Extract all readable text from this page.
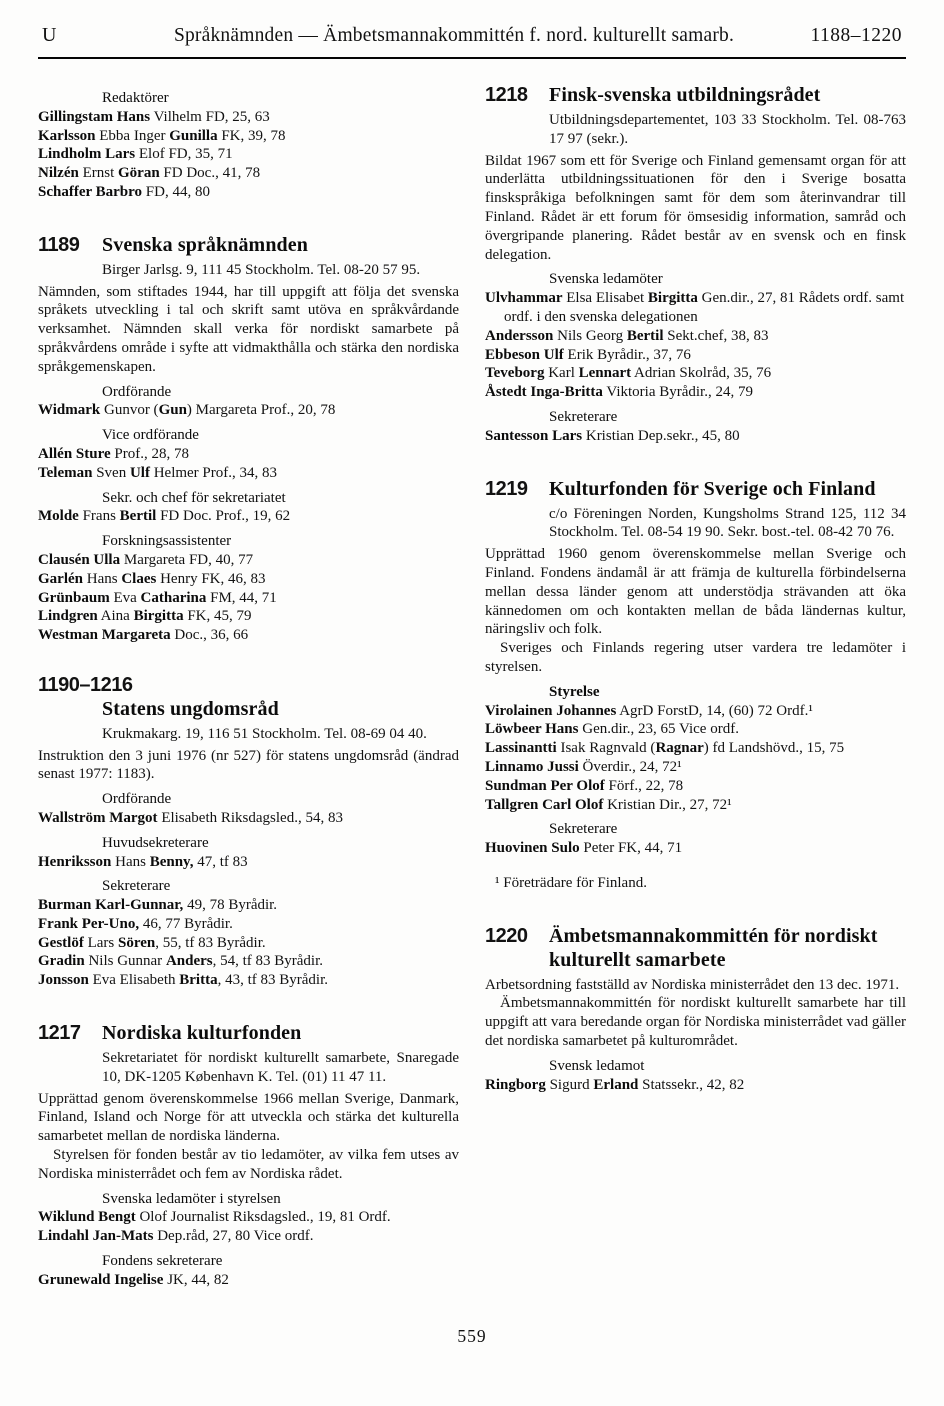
U	Språknämnden — Ämbetsmannakommittén f. nord. kulturellt samarb.	1188–1220
Redaktörer

Gillingstam Hans Vilhelm FD, 25, 63

Karlsson Ebba Inger Gunilla FK, 39, 78

Lindholm Lars Elof FD, 35, 71

Nilzén Ernst Göran FD Doc., 41, 78

Schaffer Barbro FD, 44, 80

1189	Svenska språknämnden

Birger Jarlsg. 9, 111 45 Stockholm. Tel. 08-20 57 95.

Nämnden, som stiftades 1944, har till uppgift att följa det svenska språkets utveckling i tal och skrift samt utöva en språkvårdande verksamhet. Nämnden skall verka för nordiskt samarbete på språkvårdens område i syfte att vidmakthålla och stärka den nordiska språkgemenskapen.

Ordförande

Widmark Gunvor (Gun) Margareta Prof., 20, 78

Vice ordförande

Allén Sture Prof., 28, 78

Teleman Sven Ulf Helmer Prof., 34, 83

Sekr. och chef för sekretariatet

Molde Frans Bertil FD Doc. Prof., 19, 62

Forskningsassistenter

Clausén Ulla Margareta FD, 40, 77

Garlén Hans Claes Henry FK, 46, 83

Grünbaum Eva Catharina FM, 44, 71

Lindgren Aina Birgitta FK, 45, 79

Westman Margareta Doc., 36, 66

1190–1216
Statens ungdomsråd

Krukmakarg. 19, 116 51 Stockholm. Tel. 08-69 04 40.

Instruktion den 3 juni 1976 (nr 527) för statens ungdomsråd (ändrad senast 1977: 1183).

Ordförande

Wallström Margot Elisabeth Riksdagsled., 54, 83

Huvudsekreterare

Henriksson Hans Benny, 47, tf 83

Sekreterare

Burman Karl-Gunnar, 49, 78 Byrådir.

Frank Per-Uno, 46, 77 Byrådir.

Gestlöf Lars Sören, 55, tf 83 Byrådir.

Gradin Nils Gunnar Anders, 54, tf 83 Byrådir.

Jonsson Eva Elisabeth Britta, 43, tf 83 Byrådir.

1217	Nordiska kulturfonden

Sekretariatet för nordiskt kulturellt samarbete, Snaregade 10, DK-1205 København K. Tel. (01) 11 47 11.

Upprättad genom överenskommelse 1966 mellan Sverige, Danmark, Finland, Island och Norge för att utveckla och stärka det kulturella samarbetet mellan de nordiska länderna.

Styrelsen för fonden består av tio ledamöter, av vilka fem utses av Nordiska ministerrådet och fem av Nordiska rådet.

Svenska ledamöter i styrelsen

Wiklund Bengt Olof Journalist Riksdagsled., 19, 81 Ordf.

Lindahl Jan-Mats Dep.råd, 27, 80 Vice ordf.

Fondens sekreterare

Grunewald Ingelise JK, 44, 82

1218	Finsk-svenska utbildningsrådet

Utbildningsdepartementet, 103 33 Stockholm. Tel. 08-763 17 97 (sekr.).

Bildat 1967 som ett för Sverige och Finland gemensamt organ för att underlätta utbildningssituationen för den i Sverige bosatta finskspråkiga befolkningen samt för dem som återinvandrar till Finland. Rådet är ett forum för ömsesidig information, samråd och övergripande planering. Rådet består av en svensk och en finsk delegation.

Svenska ledamöter

Ulvhammar Elsa Elisabet Birgitta Gen.dir., 27, 81 Rådets ordf. samt ordf. i den svenska delegationen

Andersson Nils Georg Bertil Sekt.chef, 38, 83

Ebbeson Ulf Erik Byrådir., 37, 76

Teveborg Karl Lennart Adrian Skolråd, 35, 76

Åstedt Inga-Britta Viktoria Byrådir., 24, 79

Sekreterare

Santesson Lars Kristian Dep.sekr., 45, 80

1219	Kulturfonden för Sverige och Finland

c/o Föreningen Norden, Kungsholms Strand 125, 112 34 Stockholm. Tel. 08-54 19 90. Sekr. bost.-tel. 08-42 70 76.

Upprättad 1960 genom överenskommelse mellan Sverige och Finland. Fondens ändamål är att främja de kulturella förbindelserna mellan dessa länder genom att understödja strävanden att öka kännedomen om och kontakten mellan de båda ländernas kultur, näringsliv och folk.

Sveriges och Finlands regering utser vardera tre ledamöter i styrelsen.

Styrelse

Virolainen Johannes AgrD ForstD, 14, (60) 72 Ordf.¹

Löwbeer Hans Gen.dir., 23, 65 Vice ordf.

Lassinantti Isak Ragnvald (Ragnar) fd Landshövd., 15, 75

Linnamo Jussi Överdir., 24, 72¹

Sundman Per Olof Förf., 22, 78

Tallgren Carl Olof Kristian Dir., 27, 72¹

Sekreterare

Huovinen Sulo Peter FK, 44, 71

¹ Företrädare för Finland.

1220	Ämbetsmannakommittén för nordiskt kulturellt samarbete

Arbetsordning fastställd av Nordiska ministerrådet den 13 dec. 1971.

Ämbetsmannakommittén för nordiskt kulturellt samarbete har till uppgift att vara beredande organ för Nordiska ministerrådet vad gäller det nordiska samarbetet på kulturområdet.

Svensk ledamot

Ringborg Sigurd Erland Statssekr., 42, 82

559
